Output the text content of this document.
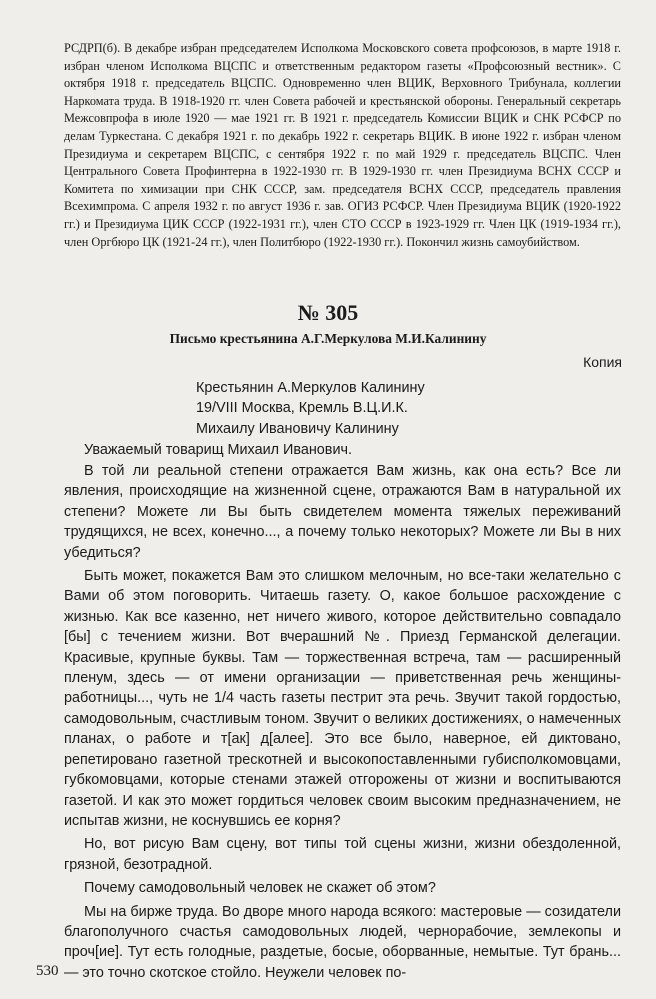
РСДРП(б). В декабре избран председателем Исполкома Московского совета профсоюзов, в марте 1918 г. избран членом Исполкома ВЦСПС и ответственным редактором газеты «Профсоюзный вестник». С октября 1918 г. председатель ВЦСПС. Одновременно член ВЦИК, Верховного Трибунала, коллегии Наркомата труда. В 1918-1920 гг. член Совета рабочей и крестьянской обороны. Генеральный секретарь Межсовпрофа в июле 1920 — мае 1921 гг. В 1921 г. председатель Комиссии ВЦИК и СНК РСФСР по делам Туркестана. С декабря 1921 г. по декабрь 1922 г. секретарь ВЦИК. В июне 1922 г. избран членом Президиума и секретарем ВЦСПС, с сентября 1922 г. по май 1929 г. председатель ВЦСПС. Член Центрального Совета Профинтерна в 1922-1930 гг. В 1929-1930 гг. член Президиума ВСНХ СССР и Комитета по химизации при СНК СССР, зам. председателя ВСНХ СССР, председатель правления Всехимпрома. С апреля 1932 г. по август 1936 г. зав. ОГИЗ РСФСР. Член Президиума ВЦИК (1920-1922 гг.) и Президиума ЦИК СССР (1922-1931 гг.), член СТО СССР в 1923-1929 гг. Член ЦК (1919-1934 гг.), член Оргбюро ЦК (1921-24 гг.), член Политбюро (1922-1930 гг.). Покончил жизнь самоубийством.
№ 305
Письмо крестьянина А.Г.Меркулова М.И.Калинину
Копия
Крестьянин А.Меркулов Калинину
19/VIII Москва, Кремль В.Ц.И.К.
Михаилу Ивановичу Калинину
Уважаемый товарищ Михаил Иванович.

В той ли реальной степени отражается Вам жизнь, как она есть? Все ли явления, происходящие на жизненной сцене, отражаются Вам в натуральной их степени? Можете ли Вы быть свидетелем момента тяжелых переживаний трудящихся, не всех, конечно..., а почему только некоторых? Можете ли Вы в них убедиться?

Быть может, покажется Вам это слишком мелочным, но все-таки желательно с Вами об этом поговорить. Читаешь газету. О, какое большое расхождение с жизнью. Как все казенно, нет ничего живого, которое действительно совпадало [бы] с течением жизни. Вот вчерашний №. Приезд Германской делегации. Красивые, крупные буквы. Там — торжественная встреча, там — расширенный пленум, здесь — от имени организации — приветственная речь женщины-работницы..., чуть не 1/4 часть газеты пестрит эта речь. Звучит такой гордостью, самодовольным, счастливым тоном. Звучит о великих достижениях, о намеченных планах, о работе и т[ак] д[алее]. Это все было, наверное, ей диктовано, репетировано газетной трескотней и высокопоставленными губисполкомовцами, губкомовцами, которые стенами этажей отгорожены от жизни и воспитываются газетой. И как это может гордиться человек своим высоким предназначением, не испытав жизни, не коснувшись ее корня?

Но, вот рисую Вам сцену, вот типы той сцены жизни, жизни обездоленной, грязной, безотрадной.

Почему самодовольный человек не скажет об этом?

Мы на бирже труда. Во дворе много народа всякого: мастеровые — созидатели благополучного счастья самодовольных людей, чернорабочие, землекопы и проч[ие]. Тут есть голодные, раздетые, босые, оборванные, немытые. Тут брань... — это точно скотское стойло. Неужели человек по-

530
